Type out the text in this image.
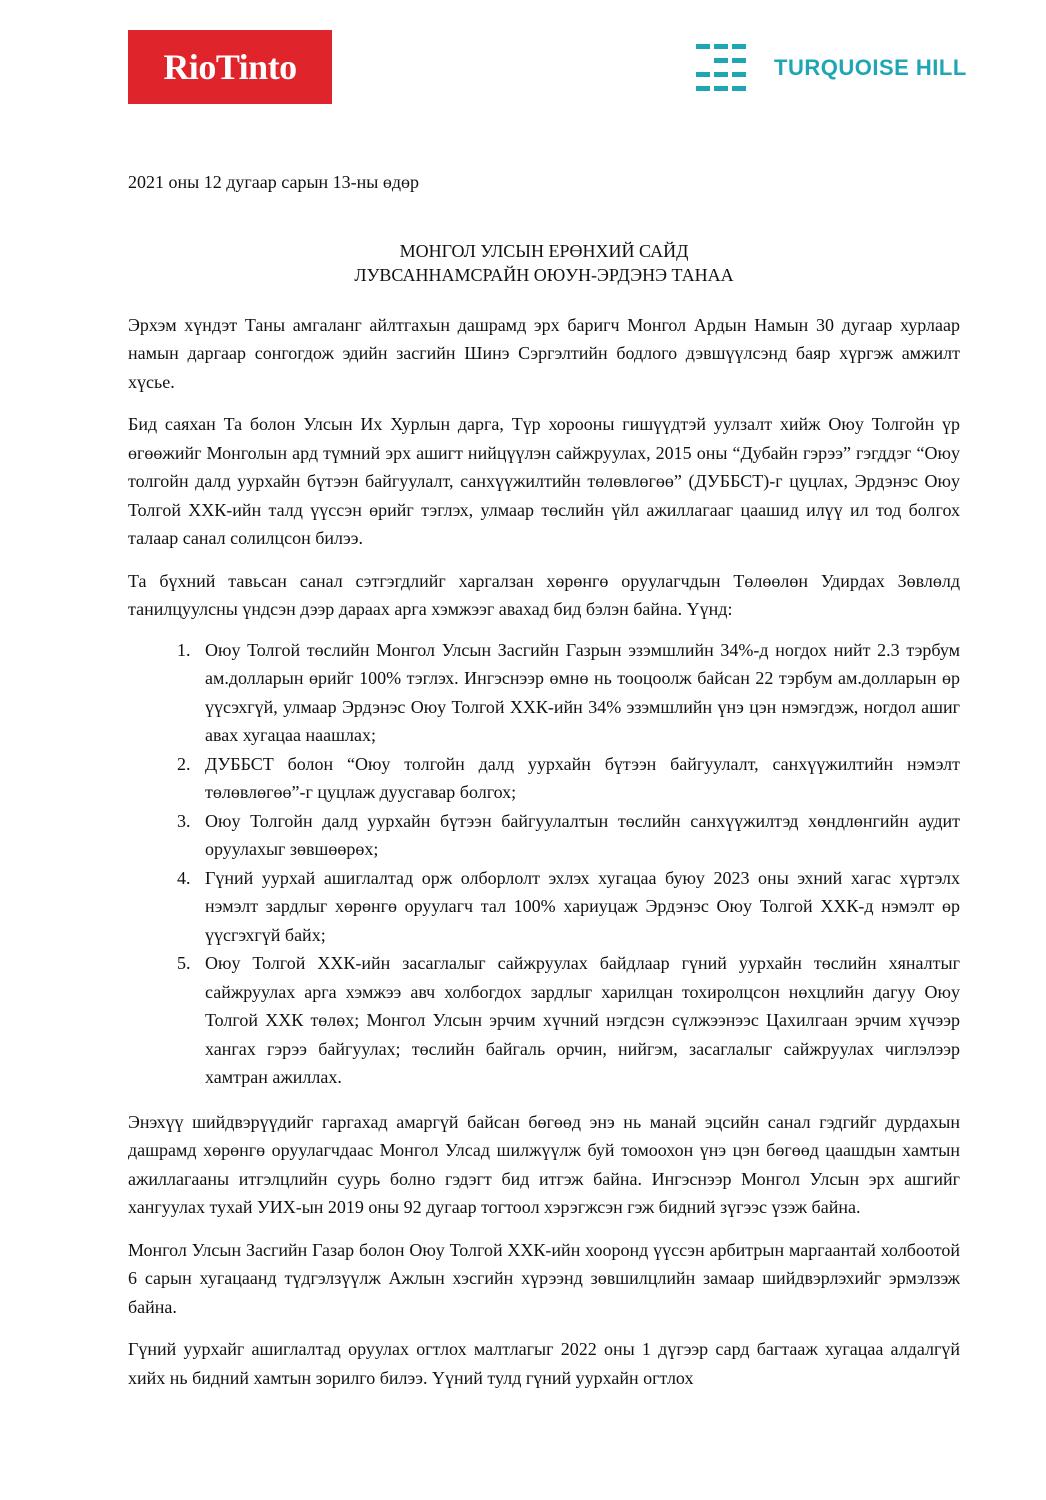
RioTinto	TURQUOISE HILL

2021 оны 12 дугаар сарын 13-ны өдөр

МОНГОЛ УЛСЫН ЕРӨНХИЙ САЙД
ЛУВСАННАМСРАЙН ОЮУН-ЭРДЭНЭ ТАНАА

Эрхэм хүндэт Таны амгаланг айлтгахын дашрамд эрх баригч Монгол Ардын Намын 30 дугаар хурлаар намын даргаар сонгогдож эдийн засгийн Шинэ Сэргэлтийн бодлого дэвшүүлсэнд баяр хүргэж амжилт хүсье.

Бид саяхан Та болон Улсын Их Хурлын дарга, Түр хорооны гишүүдтэй уулзалт хийж Оюу Толгойн үр өгөөжийг Монголын ард түмний эрх ашигт нийцүүлэн сайжруулах, 2015 оны “Дубайн гэрээ” гэгддэг “Оюу толгойн далд уурхайн бүтээн байгуулалт, санхүүжилтийн төлөвлөгөө” (ДУББСТ)-г цуцлах, Эрдэнэс Оюу Толгой ХХК-ийн талд үүссэн өрийг тэглэх, улмаар төслийн үйл ажиллагааг цаашид илүү ил тод болгох талаар санал солилцсон билээ.

Та бүхний тавьсан санал сэтгэгдлийг харгалзан хөрөнгө оруулагчдын Төлөөлөн Удирдах Зөвлөлд танилцуулсны үндсэн дээр дараах арга хэмжээг авахад бид бэлэн байна. Үүнд:

1. Оюу Толгой төслийн Монгол Улсын Засгийн Газрын эзэмшлийн 34%-д ногдох нийт 2.3 тэрбум ам.долларын өрийг 100% тэглэх. Ингэснээр өмнө нь тооцоолж байсан 22 тэрбум ам.долларын өр үүсэхгүй, улмаар Эрдэнэс Оюу Толгой ХХК-ийн 34% эзэмшлийн үнэ цэн нэмэгдэж, ногдол ашиг авах хугацаа наашлах;
2. ДУББСТ болон “Оюу толгойн далд уурхайн бүтээн байгуулалт, санхүүжилтийн нэмэлт төлөвлөгөө”-г цуцлаж дуусгавар болгох;
3. Оюу Толгойн далд уурхайн бүтээн байгуулалтын төслийн санхүүжилтэд хөндлөнгийн аудит оруулахыг зөвшөөрөх;
4. Гүний уурхай ашиглалтад орж олборлолт эхлэх хугацаа буюу 2023 оны эхний хагас хүртэлх нэмэлт зардлыг хөрөнгө оруулагч тал 100% хариуцаж Эрдэнэс Оюу Толгой ХХК-д нэмэлт өр үүсгэхгүй байх;
5. Оюу Толгой ХХК-ийн засаглалыг сайжруулах байдлаар гүний уурхайн төслийн хяналтыг сайжруулах арга хэмжээ авч холбогдох зардлыг харилцан тохиролцсон нөхцлийн дагуу Оюу Толгой ХХК төлөх; Монгол Улсын эрчим хүчний нэгдсэн сүлжээнээс Цахилгаан эрчим хүчээр хангах гэрээ байгуулах; төслийн байгаль орчин, нийгэм, засаглалыг сайжруулах чиглэлээр хамтран ажиллах.

Энэхүү шийдвэрүүдийг гаргахад амаргүй байсан бөгөөд энэ нь манай эцсийн санал гэдгийг дурдахын дашрамд хөрөнгө оруулагчдаас Монгол Улсад шилжүүлж буй томоохон үнэ цэн бөгөөд цаашдын хамтын ажиллагааны итгэлцлийн суурь болно гэдэгт бид итгэж байна. Ингэснээр Монгол Улсын эрх ашгийг хангуулах тухай УИХ-ын 2019 оны 92 дугаар тогтоол хэрэгжсэн гэж бидний зүгээс үзэж байна.

Монгол Улсын Засгийн Газар болон Оюу Толгой ХХК-ийн хооронд үүссэн арбитрын маргаантай холбоотой 6 сарын хугацаанд түдгэлзүүлж Ажлын хэсгийн хүрээнд зөвшилцлийн замаар шийдвэрлэхийг эрмэлзэж байна.

Гүний уурхайг ашиглалтад оруулах огтлох малтлагыг 2022 оны 1 дүгээр сард багтааж хугацаа алдалгүй хийх нь бидний хамтын зорилго билээ. Үүний тулд гүний уурхайн огтлох
